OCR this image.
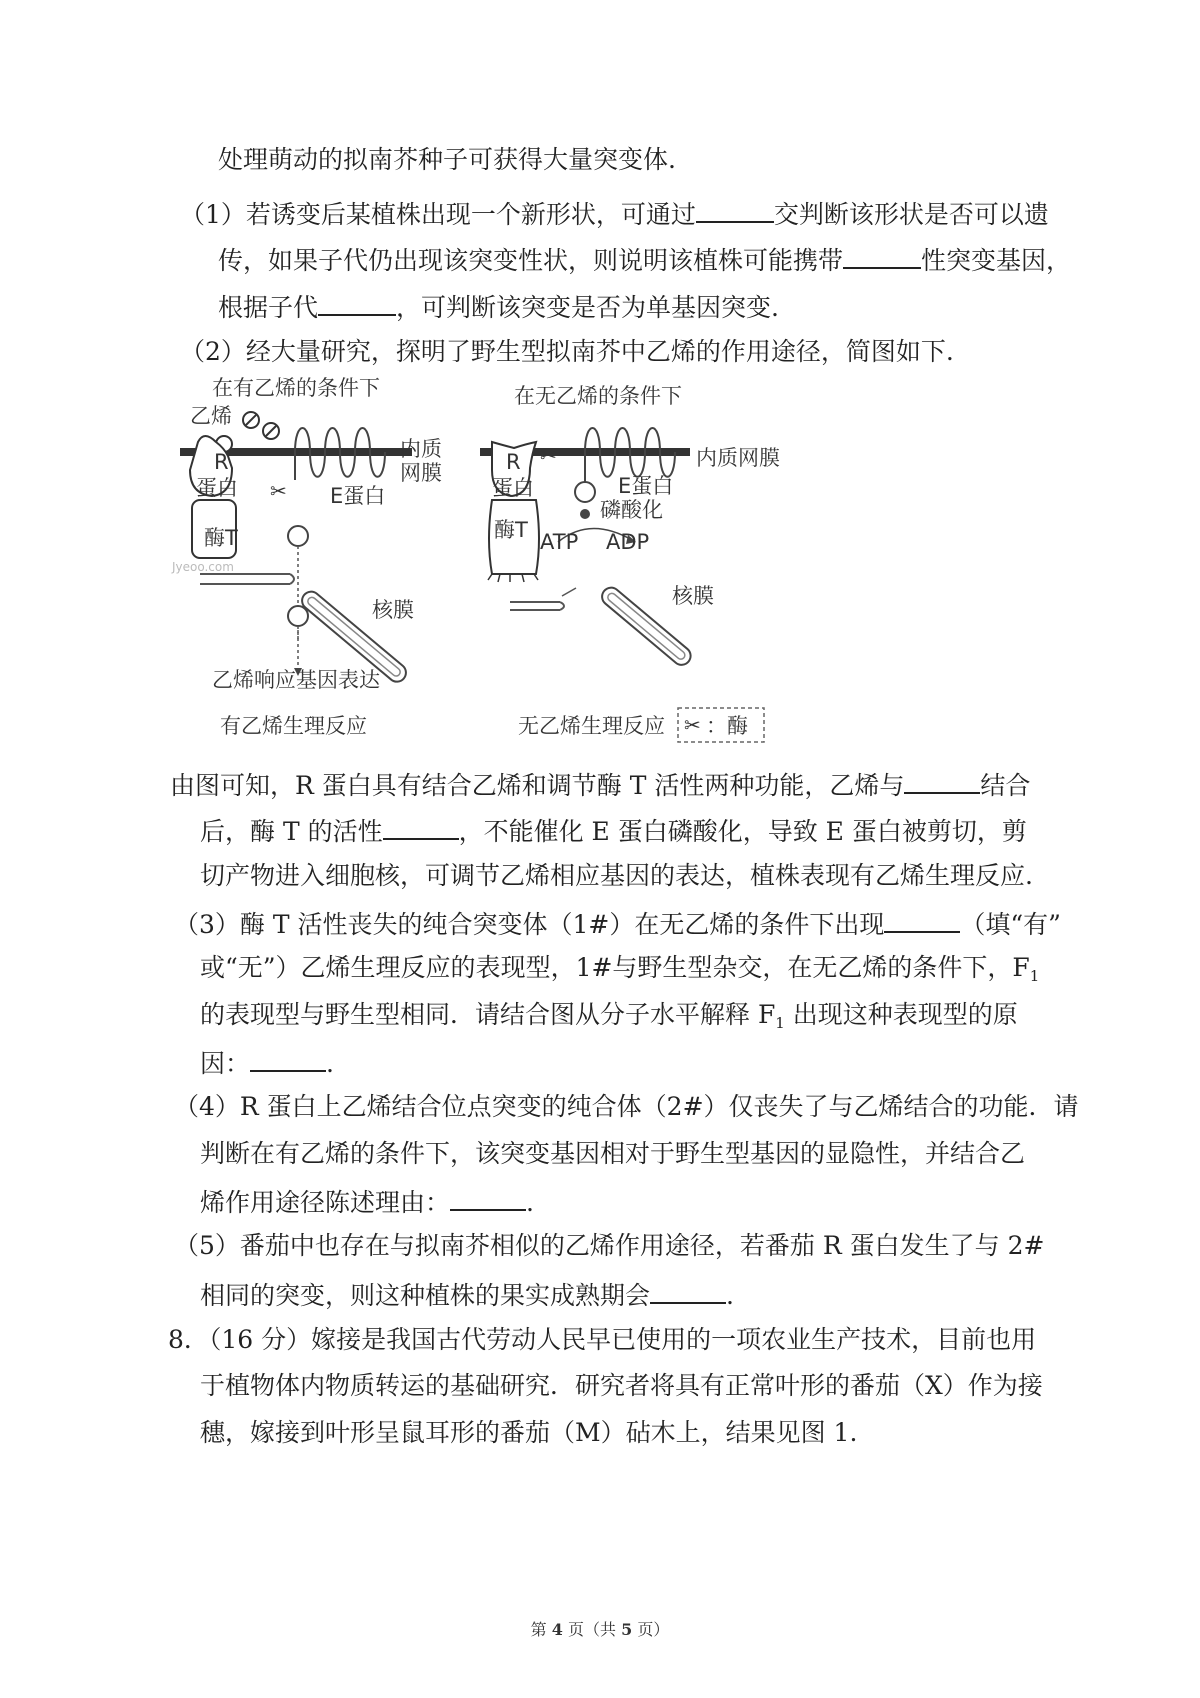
处理萌动的拟南芥种子可获得大量突变体.
（1）若诱变后某植株出现一个新形状，可通过	交判断该形状是否可以遗
传，如果子代仍出现该突变性状，则说明该植株可能携带	性突变基因，
根据子代	，可判断该突变是否为单基因突变.
（2）经大量研究，探明了野生型拟南芥中乙烯的作用途径，简图如下.
✂
✂
✂
在有乙烯的条件下	在无乙烯的条件下
乙烯
内质
网膜
内质网膜
R
蛋白
酶T
E蛋白
R
蛋白
酶T
E蛋白
磷酸化
ATP ADP
核膜
核膜
乙烯响应基因表达
有乙烯生理反应	无乙烯生理反应 ：酶
Jyeoo.com
由图可知，R 蛋白具有结合乙烯和调节酶 T 活性两种功能，乙烯与	结合
后，酶 T 的活性	，不能催化 E 蛋白磷酸化，导致 E 蛋白被剪切，剪
切产物进入细胞核，可调节乙烯相应基因的表达，植株表现有乙烯生理反应.
（3）酶 T 活性丧失的纯合突变体（1#）在无乙烯的条件下出现	（填“有”
或“无”）乙烯生理反应的表现型，1#与野生型杂交，在无乙烯的条件下，$F_1$
的表现型与野生型相同．请结合图从分子水平解释 $F_1$ 出现这种表现型的原
因：	.
（4）R 蛋白上乙烯结合位点突变的纯合体（2#）仅丧失了与乙烯结合的功能．请
判断在有乙烯的条件下，该突变基因相对于野生型基因的显隐性，并结合乙
烯作用途径陈述理由：	.
（5）番茄中也存在与拟南芥相似的乙烯作用途径，若番茄 R 蛋白发生了与 2#
相同的突变，则这种植株的果实成熟期会	.
8．（16 分）嫁接是我国古代劳动人民早已使用的一项农业生产技术，目前也用
于植物体内物质转运的基础研究．研究者将具有正常叶形的番茄（X）作为接
穗，嫁接到叶形呈鼠耳形的番茄（M）砧木上，结果见图 1.
第 4 页（共 5 页）
